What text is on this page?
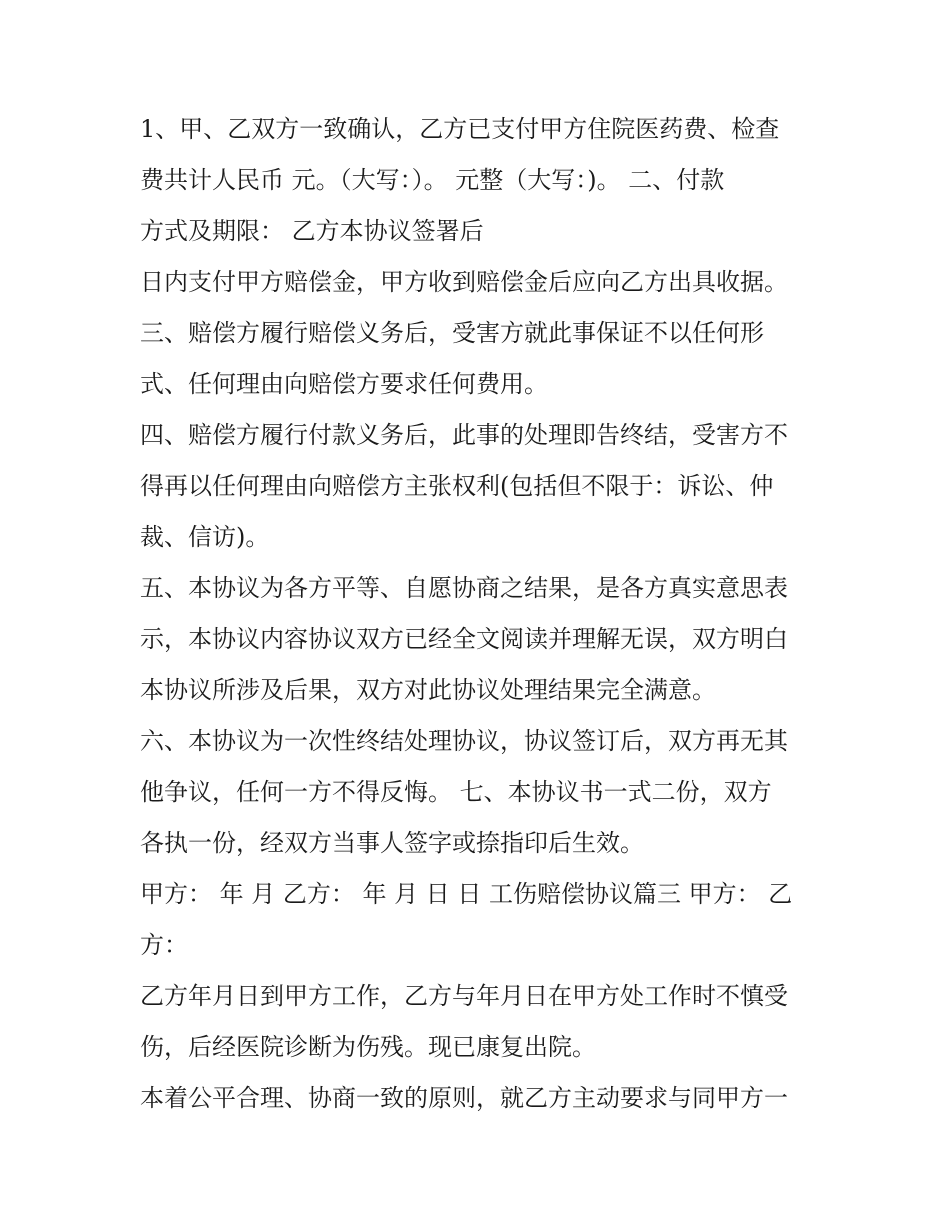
1、甲、乙双方一致确认，乙方已支付甲方住院医药费、检查
费共计人民币 元。（大写：）。 元整（大写：)。 二、付款
方式及期限： 乙方本协议签署后
日内支付甲方赔偿金，甲方收到赔偿金后应向乙方出具收据。
三、赔偿方履行赔偿义务后，受害方就此事保证不以任何形
式、任何理由向赔偿方要求任何费用。
四、赔偿方履行付款义务后，此事的处理即告终结，受害方不
得再以任何理由向赔偿方主张权利(包括但不限于：诉讼、仲
裁、信访)。
五、本协议为各方平等、自愿协商之结果，是各方真实意思表
示，本协议内容协议双方已经全文阅读并理解无误，双方明白
本协议所涉及后果，双方对此协议处理结果完全满意。
六、本协议为一次性终结处理协议，协议签订后，双方再无其
他争议，任何一方不得反悔。 七、本协议书一式二份，双方
各执一份，经双方当事人签字或捺指印后生效。
甲方： 年 月 乙方： 年 月 日 日 工伤赔偿协议篇三 甲方： 乙
方：
乙方年月日到甲方工作，乙方与年月日在甲方处工作时不慎受
伤，后经医院诊断为伤残。现已康复出院。
本着公平合理、协商一致的原则，就乙方主动要求与同甲方一
